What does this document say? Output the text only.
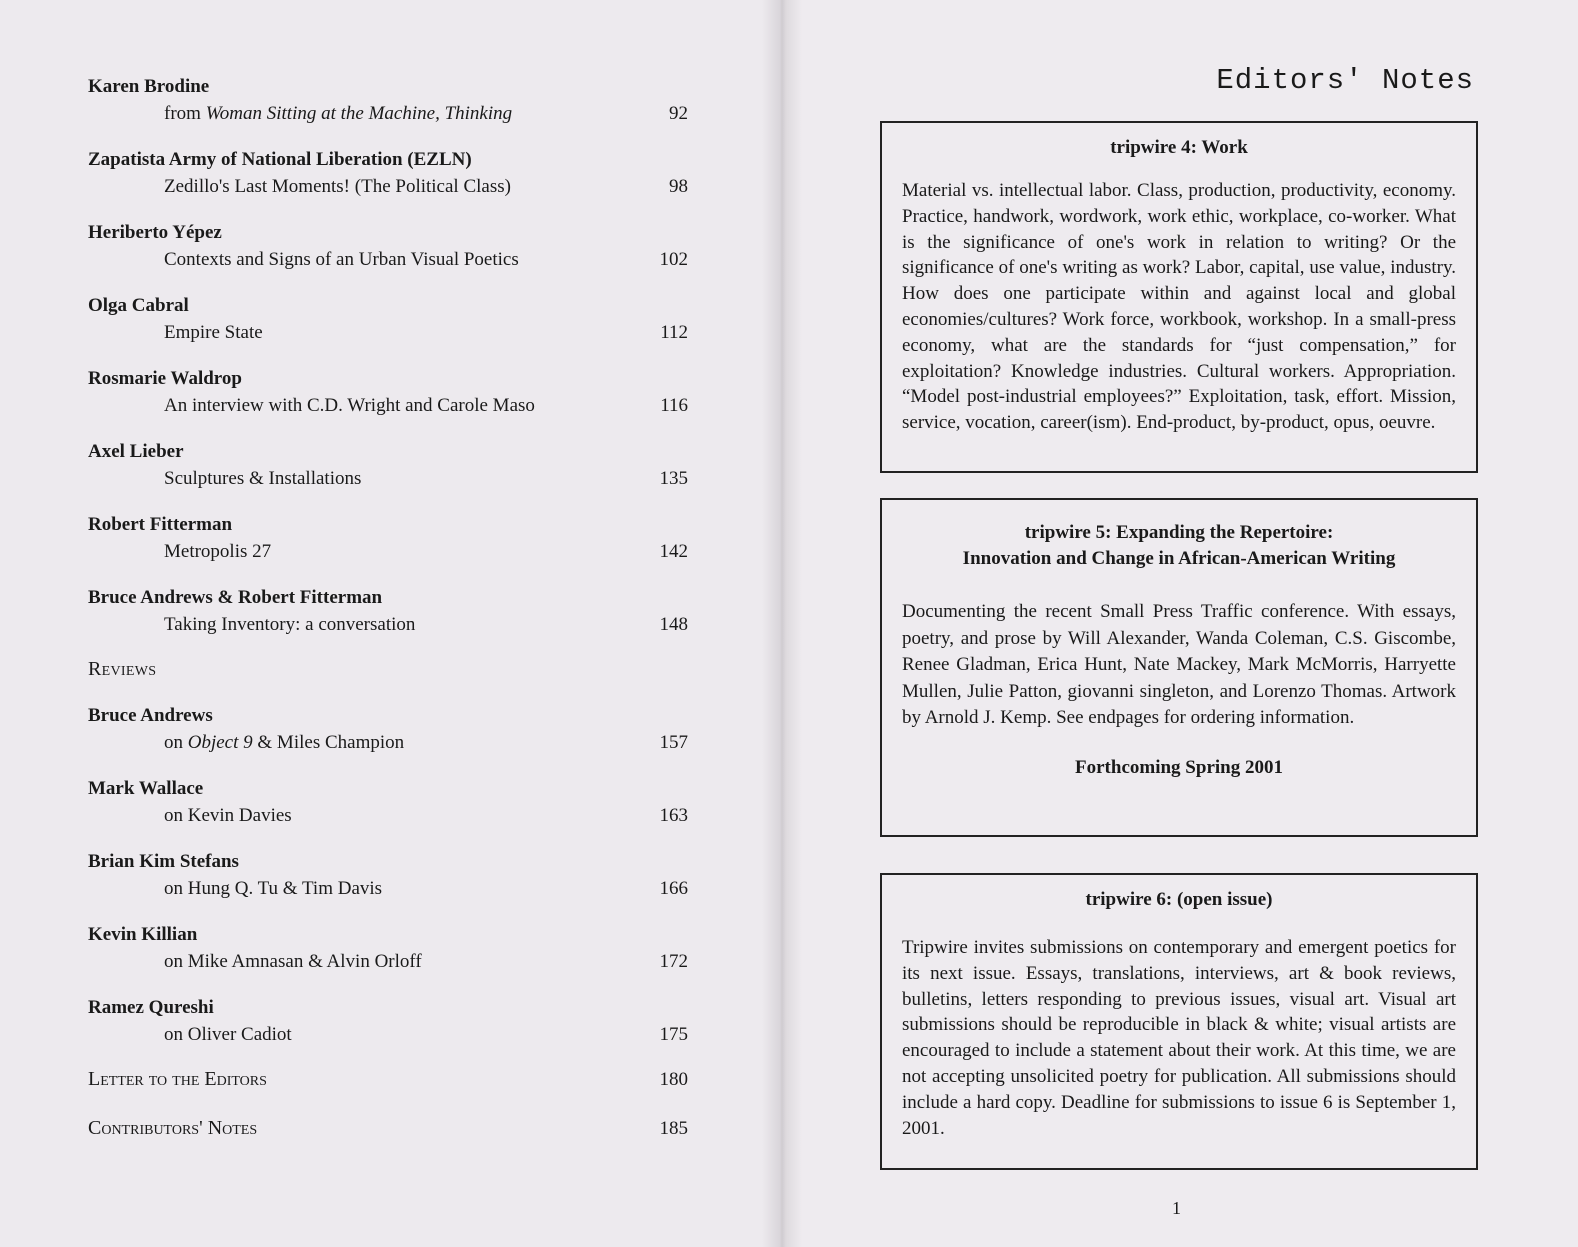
Karen Brodine
from Woman Sitting at the Machine, Thinking	92
Zapatista Army of National Liberation (EZLN)
Zedillo's Last Moments! (The Political Class)	98
Heriberto Yépez
Contexts and Signs of an Urban Visual Poetics	102
Olga Cabral
Empire State	112
Rosmarie Waldrop
An interview with C.D. Wright and Carole Maso	116
Axel Lieber
Sculptures & Installations	135
Robert Fitterman
Metropolis 27	142
Bruce Andrews & Robert Fitterman
Taking Inventory: a conversation	148
Reviews
Bruce Andrews
on Object 9 & Miles Champion	157
Mark Wallace
on Kevin Davies	163
Brian Kim Stefans
on Hung Q. Tu & Tim Davis	166
Kevin Killian
on Mike Amnasan & Alvin Orloff	172
Ramez Qureshi
on Oliver Cadiot	175
Letter to the Editors	180
Contributors' Notes	185
Editors' Notes
tripwire 4: Work
Material vs. intellectual labor. Class, production, productivity, economy. Practice, handwork, wordwork, work ethic, workplace, co-worker. What is the significance of one's work in relation to writing? Or the significance of one's writing as work? Labor, capital, use value, industry. How does one participate within and against local and global economies/cultures? Work force, workbook, workshop. In a small-press economy, what are the standards for “just compensation,” for exploitation? Knowledge industries. Cultural workers. Appropriation. “Model post-industrial employees?” Exploitation, task, effort. Mission, service, vocation, career(ism). End-product, by-product, opus, oeuvre.
tripwire 5: Expanding the Repertoire:
Innovation and Change in African-American Writing
Documenting the recent Small Press Traffic conference. With essays, poetry, and prose by Will Alexander, Wanda Coleman, C.S. Giscombe, Renee Gladman, Erica Hunt, Nate Mackey, Mark McMorris, Harryette Mullen, Julie Patton, giovanni singleton, and Lorenzo Thomas. Artwork by Arnold J. Kemp. See endpages for ordering information.
Forthcoming Spring 2001
tripwire 6: (open issue)
Tripwire invites submissions on contemporary and emergent poetics for its next issue. Essays, translations, interviews, art & book reviews, bulletins, letters responding to previous issues, visual art. Visual art submissions should be reproducible in black & white; visual artists are encouraged to include a statement about their work. At this time, we are not accepting unsolicited poetry for publication. All submissions should include a hard copy. Deadline for submissions to issue 6 is September 1, 2001.
1
